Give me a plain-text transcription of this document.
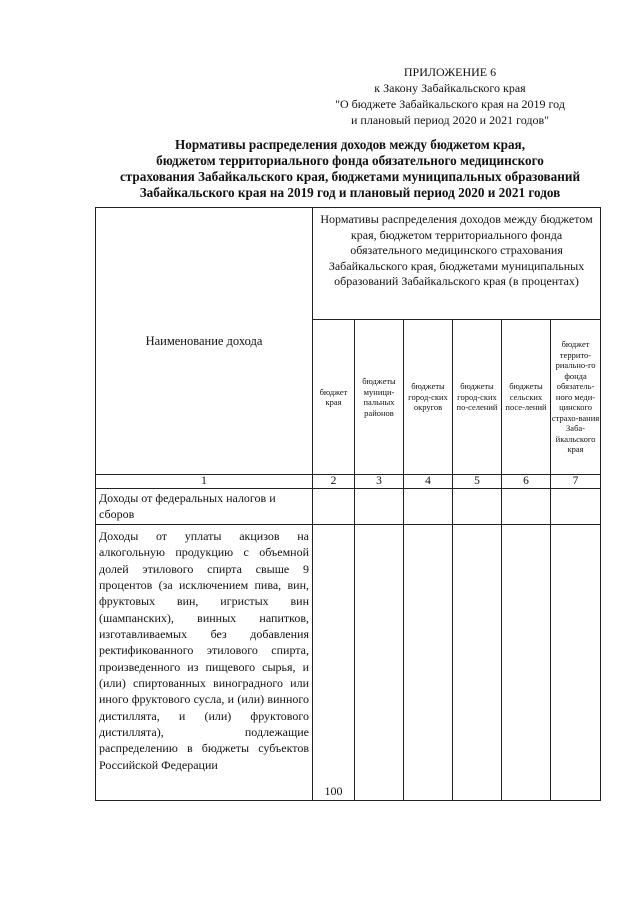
ПРИЛОЖЕНИЕ 6
к Закону Забайкальского края
"О бюджете Забайкальского края на 2019 год
и плановый период 2020 и 2021 годов"
Нормативы распределения доходов между бюджетом края,
бюджетом территориального фонда обязательного медицинского
страхования Забайкальского края, бюджетами муниципальных образований
Забайкальского края на 2019 год и плановый период 2020 и 2021 годов
Наименование дохода	Нормативы распределения доходов между бюджетом края, бюджетом территориального фонда обязательного медицинского страхования Забайкальского края, бюджетами муниципальных образований Забайкальского края (в процентах)					
	бюджет края	бюджеты муници-пальных районов	бюджеты город-ских округов	бюджеты город-ских по-селений	бюджеты сельских посе-лений	бюджет террито-риально-го фонда обязатель-ного меди-цинского страхо-вания Заба-йкальского края
1	2	3	4	5	6	7
Доходы от федеральных налогов и сборов						
Доходы от уплаты акцизов на алкогольную продукцию с объемной долей этилового спирта свыше 9 процентов (за исключением пива, вин, фруктовых вин, игристых вин (шампанских), винных напитков, изготавливаемых без добавления ректификованного этилового спирта, произведенного из пищевого сырья, и (или) спиртованных виноградного или иного фруктового сусла, и (или) винного дистиллята, и (или) фруктового дистиллята), подлежащие распределению в бюджеты субъектов Российской Федерации	100					
